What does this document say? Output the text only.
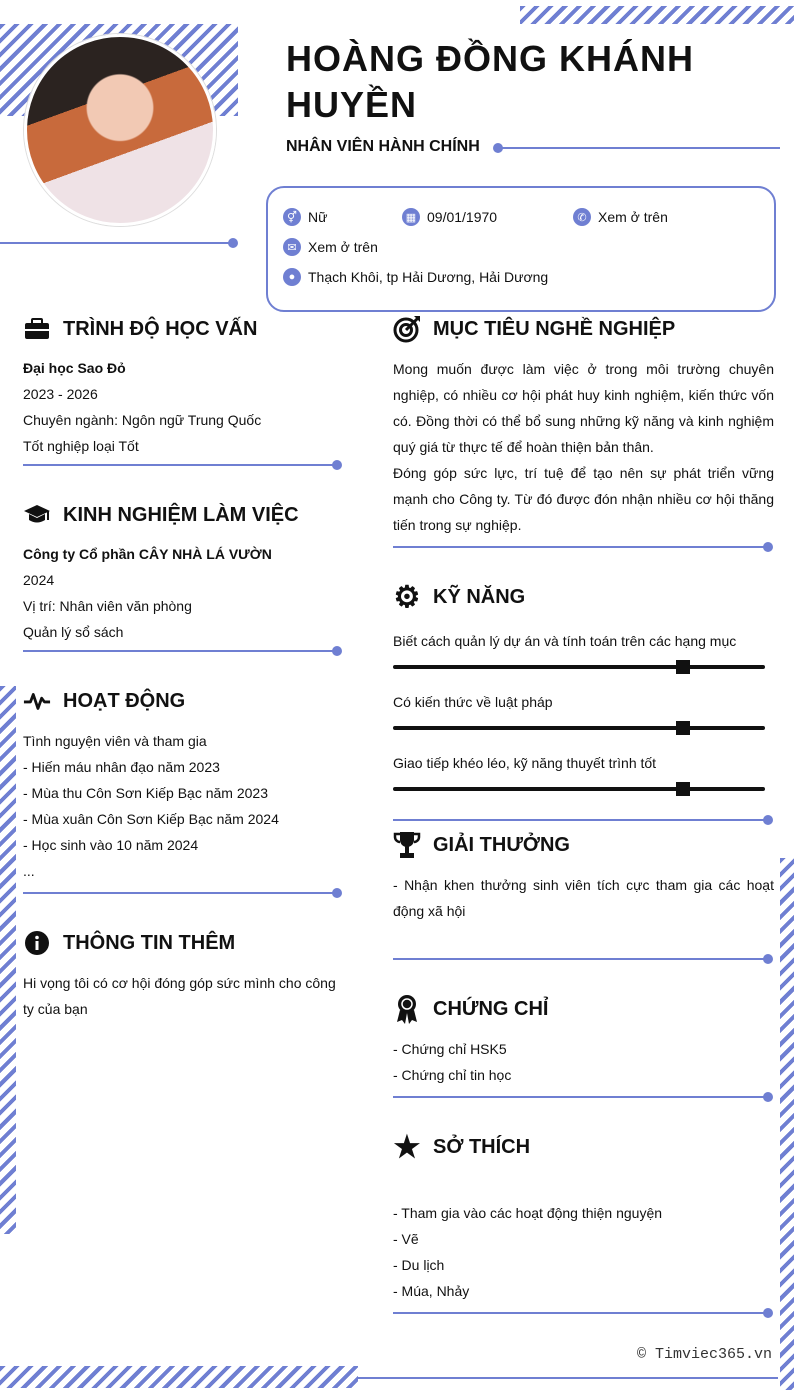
HOÀNG ĐỒNG KHÁNH HUYỀN
NHÂN VIÊN HÀNH CHÍNH
⚥ Nữ	▦ 09/01/1970	✆ Xem ở trên
✉ Xem ở trên
● Thạch Khôi, tp Hải Dương, Hải Dương
TRÌNH ĐỘ HỌC VẤN

Đại học Sao Đỏ

2023 - 2026

Chuyên ngành: Ngôn ngữ Trung Quốc

Tốt nghiệp loại Tốt

KINH NGHIỆM LÀM VIỆC

Công ty Cổ phần CÂY NHÀ LÁ VƯỜN

2024

Vị trí: Nhân viên văn phòng

Quản lý sổ sách

HOẠT ĐỘNG

Tình nguyện viên và tham gia

- Hiến máu nhân đạo năm 2023

- Mùa thu Côn Sơn Kiếp Bạc năm 2023

- Mùa xuân Côn Sơn Kiếp Bạc năm 2024

- Học sinh vào 10 năm 2024

...

THÔNG TIN THÊM

Hi vọng tôi có cơ hội đóng góp sức mình cho công ty của bạn

MỤC TIÊU NGHỀ NGHIỆP

Mong muốn được làm việc ở trong môi trường chuyên nghiệp, có nhiều cơ hội phát huy kinh nghiệm, kiến thức vốn có. Đồng thời có thể bổ sung những kỹ năng và kinh nghiệm quý giá từ thực tế để hoàn thiện bản thân.

Đóng góp sức lực, trí tuệ để tạo nên sự phát triển vững mạnh cho Công ty. Từ đó được đón nhận nhiều cơ hội thăng tiến trong sự nghiệp.

⚙ KỸ NĂNG
Biết cách quản lý dự án và tính toán trên các hạng mục
Có kiến thức về luật pháp
Giao tiếp khéo léo, kỹ năng thuyết trình tốt
GIẢI THƯỞNG

- Nhận khen thưởng sinh viên tích cực tham gia các hoạt động xã hội

CHỨNG CHỈ

- Chứng chỉ HSK5

- Chứng chỉ tin học

★ SỞ THÍCH

- Tham gia vào các hoạt động thiện nguyện

- Vẽ

- Du lịch

- Múa, Nhảy

© Timviec365.vn
